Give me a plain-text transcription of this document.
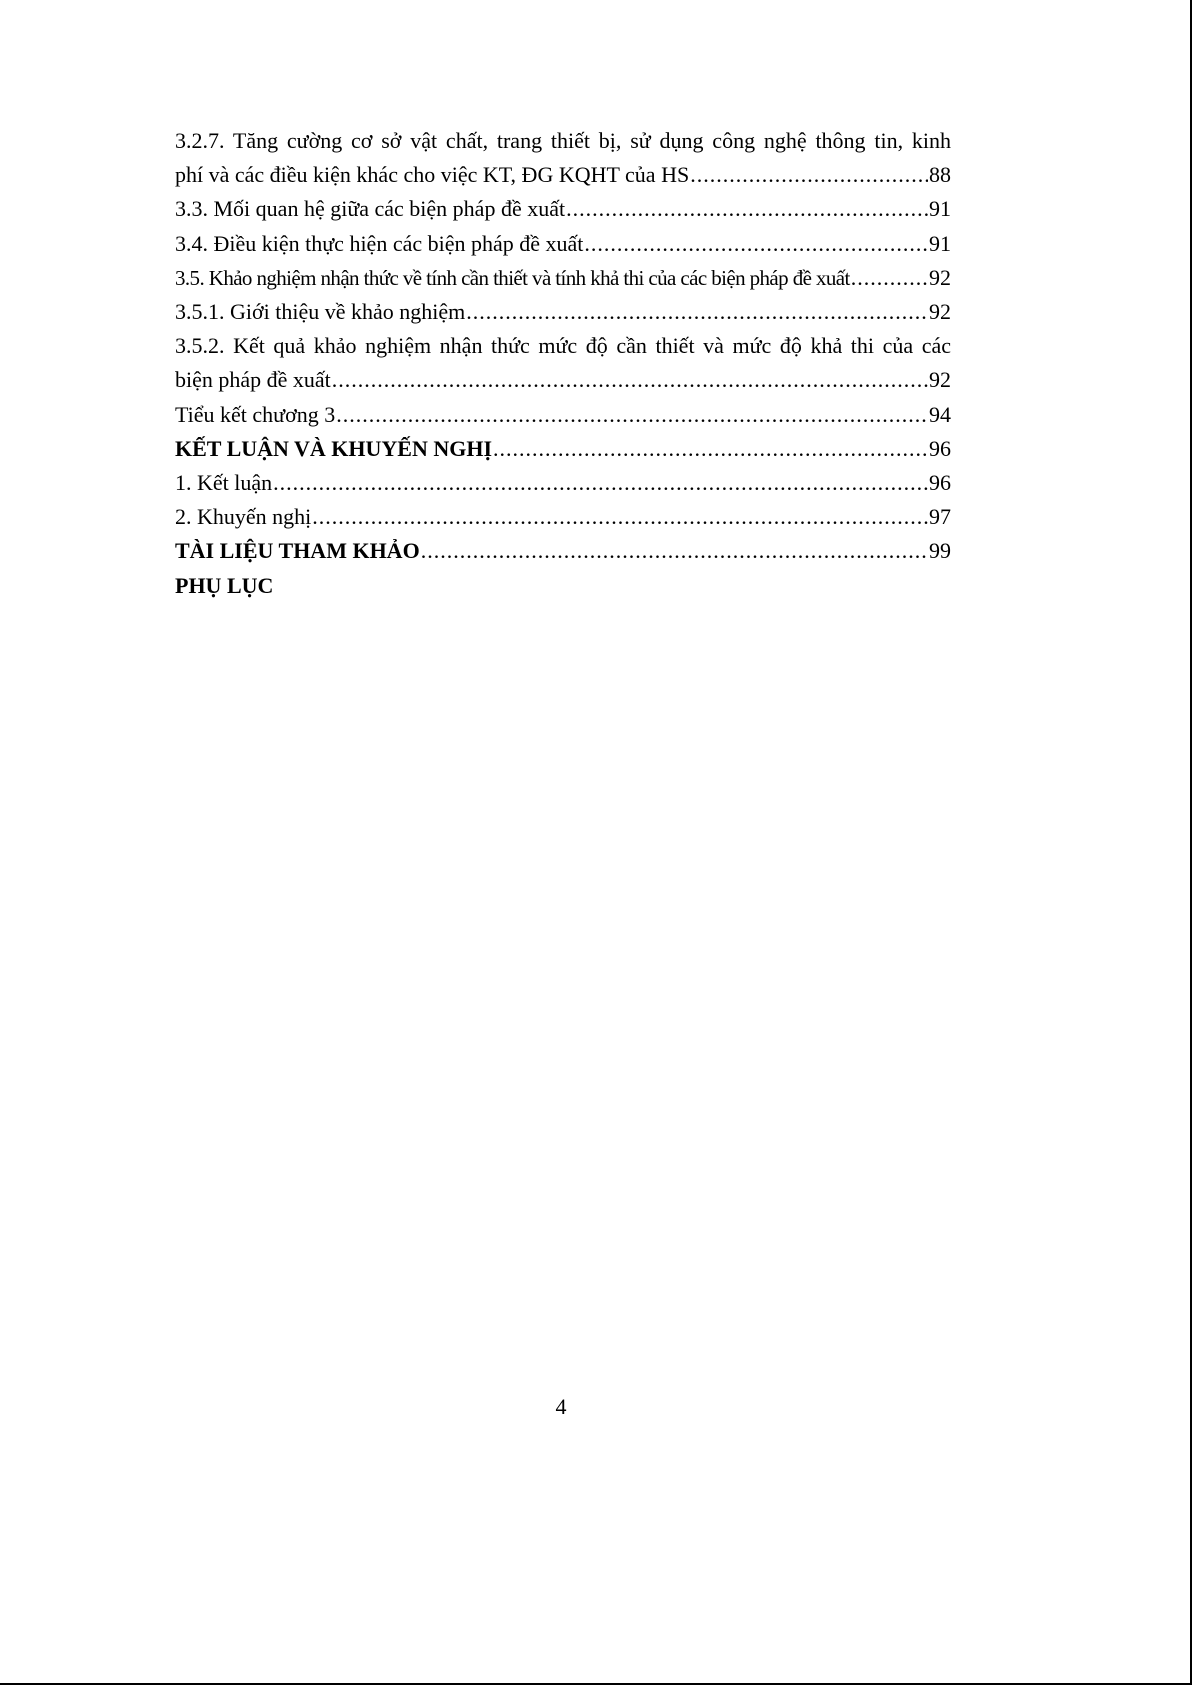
3.2.7. Tăng cường cơ sở vật chất, trang thiết bị, sử dụng công nghệ thông tin, kinh
phí và các điều kiện khác cho việc KT, ĐG KQHT của HS .....	88
3.3. Mối quan hệ giữa các biện pháp đề xuất .....	91
3.4. Điều kiện thực hiện các biện pháp đề xuất .....	91
3.5. Khảo nghiệm nhận thức về tính cần thiết và tính khả thi của các biện pháp đề xuất .....	92
3.5.1. Giới thiệu về khảo nghiệm .....	92
3.5.2. Kết quả khảo nghiệm nhận thức mức độ cần thiết và mức độ khả thi của các
biện pháp đề xuất .....	92
Tiểu kết chương 3 .....	94
KẾT LUẬN VÀ KHUYẾN NGHỊ .....	96
1. Kết luận .....	96
2. Khuyến nghị .....	97
TÀI LIỆU THAM KHẢO .....	99
PHỤ LỤC
4
